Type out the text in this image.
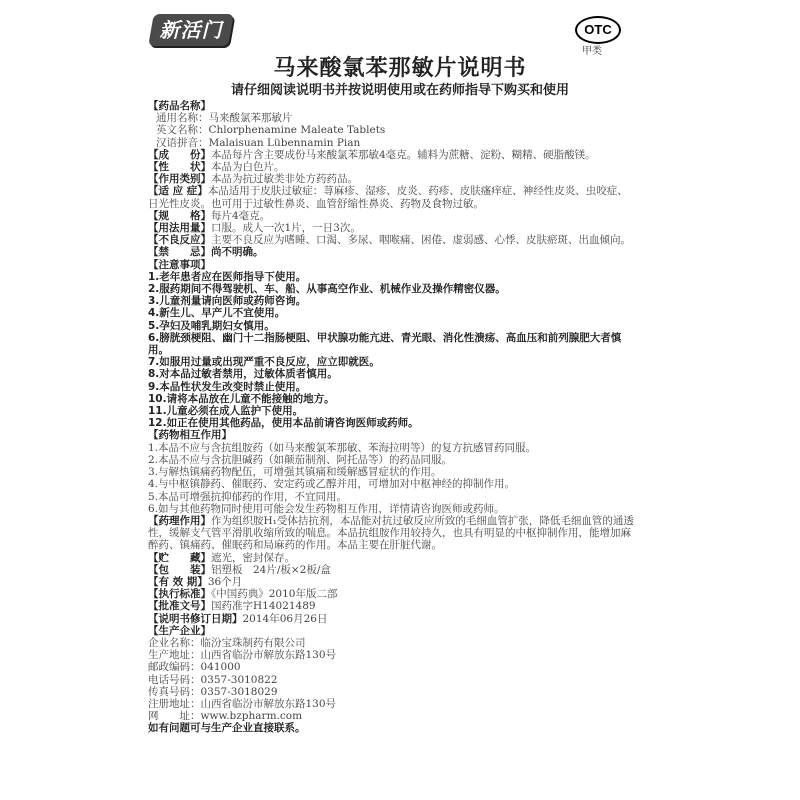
新活门	OTC
甲类
马来酸氯苯那敏片说明书
请仔细阅读说明书并按说明使用或在药师指导下购买和使用
【药品名称】
通用名称：马来酸氯苯那敏片
英文名称：Chlorphenamine Maleate Tablets
汉语拼音：Malaisuan Lübennamin Pian
【成　　份】本品每片含主要成份马来酸氯苯那敏4毫克。辅料为蔗糖、淀粉、糊精、硬脂酸镁。
【性　　状】本品为白色片。
【作用类别】本品为抗过敏类非处方药药品。
【适 应 症】本品适用于皮肤过敏症：荨麻疹、湿疹、皮炎、药疹、皮肤瘙痒症、神经性皮炎、虫咬症、日光性皮炎。也可用于过敏性鼻炎、血管舒缩性鼻炎、药物及食物过敏。
【规　　格】每片4毫克。
【用法用量】口服。成人一次1片，一日3次。
【不良反应】主要不良反应为嗜睡、口渴、多尿、咽喉痛、困倦、虚弱感、心悸、皮肤瘀斑、出血倾向。
【禁　　忌】尚不明确。
【注意事项】
1.老年患者应在医师指导下使用。
2.服药期间不得驾驶机、车、船、从事高空作业、机械作业及操作精密仪器。
3.儿童剂量请向医师或药师咨询。
4.新生儿、早产儿不宜使用。
5.孕妇及哺乳期妇女慎用。
6.膀胱颈梗阻、幽门十二指肠梗阻、甲状腺功能亢进、青光眼、消化性溃疡、高血压和前列腺肥大者慎用。
7.如服用过量或出现严重不良反应，应立即就医。
8.对本品过敏者禁用，过敏体质者慎用。
9.本品性状发生改变时禁止使用。
10.请将本品放在儿童不能接触的地方。
11.儿童必须在成人监护下使用。
12.如正在使用其他药品，使用本品前请咨询医师或药师。
【药物相互作用】
1.本品不应与含抗组胺药（如马来酸氯苯那敏、苯海拉明等）的复方抗感冒药同服。
2.本品不应与含抗胆碱药（如颠茄制剂、阿托品等）的药品同服。
3.与解热镇痛药物配伍，可增强其镇痛和缓解感冒症状的作用。
4.与中枢镇静药、催眠药、安定药或乙醇并用，可增加对中枢神经的抑制作用。
5.本品可增强抗抑郁药的作用，不宜同用。
6.如与其他药物同时使用可能会发生药物相互作用，详情请咨询医师或药师。
【药理作用】作为组织胺H₁受体拮抗剂，本品能对抗过敏反应所致的毛细血管扩张，降低毛细血管的通透性，缓解支气管平滑肌收缩所致的喘息。本品抗组胺作用较持久，也具有明显的中枢抑制作用，能增加麻醉药、镇痛药、催眠药和局麻药的作用。本品主要在肝脏代谢。
【贮　　藏】遮光，密封保存。
【包　　装】铝塑板　24片/板×2板/盒
【有 效 期】36个月
【执行标准】《中国药典》2010年版二部
【批准文号】国药准字H14021489
【说明书修订日期】2014年06月26日
【生产企业】
企业名称：临汾宝珠制药有限公司
生产地址：山西省临汾市解放东路130号
邮政编码：041000
电话号码：0357-3010822
传真号码：0357-3018029
注册地址：山西省临汾市解放东路130号
网　　址：www.bzpharm.com
如有问题可与生产企业直接联系。
